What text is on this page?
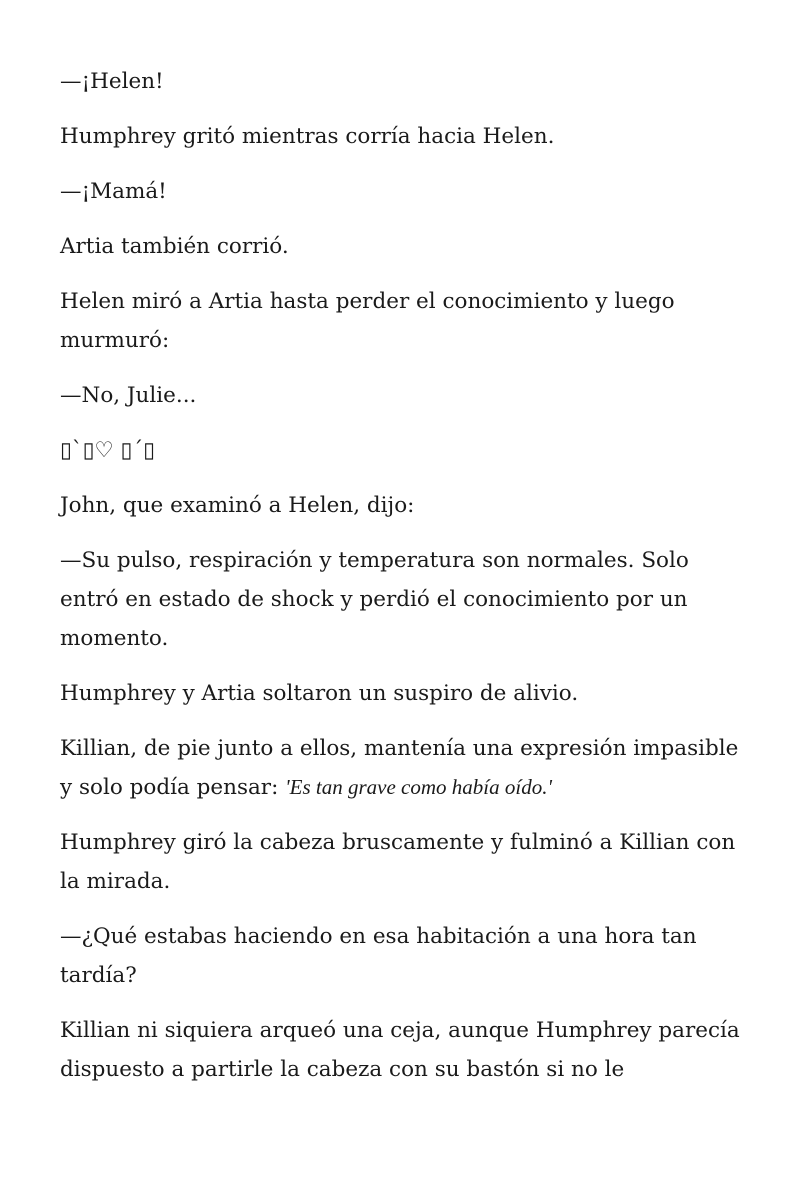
—¡Helen!

Humphrey gritó mientras corría hacia Helen.

—¡Mamá!

Artia también corrió.

Helen miró a Artia hasta perder el conocimiento y luego murmuró:

—No, Julie...

▯`▯♡ ▯´▯

John, que examinó a Helen, dijo:

—Su pulso, respiración y temperatura son normales. Solo entró en estado de shock y perdió el conocimiento por un momento.

Humphrey y Artia soltaron un suspiro de alivio.

Killian, de pie junto a ellos, mantenía una expresión impasible y solo podía pensar: 'Es tan grave como había oído.'

Humphrey giró la cabeza bruscamente y fulminó a Killian con la mirada.

—¿Qué estabas haciendo en esa habitación a una hora tan tardía?

Killian ni siquiera arqueó una ceja, aunque Humphrey parecía dispuesto a partirle la cabeza con su bastón si no le
